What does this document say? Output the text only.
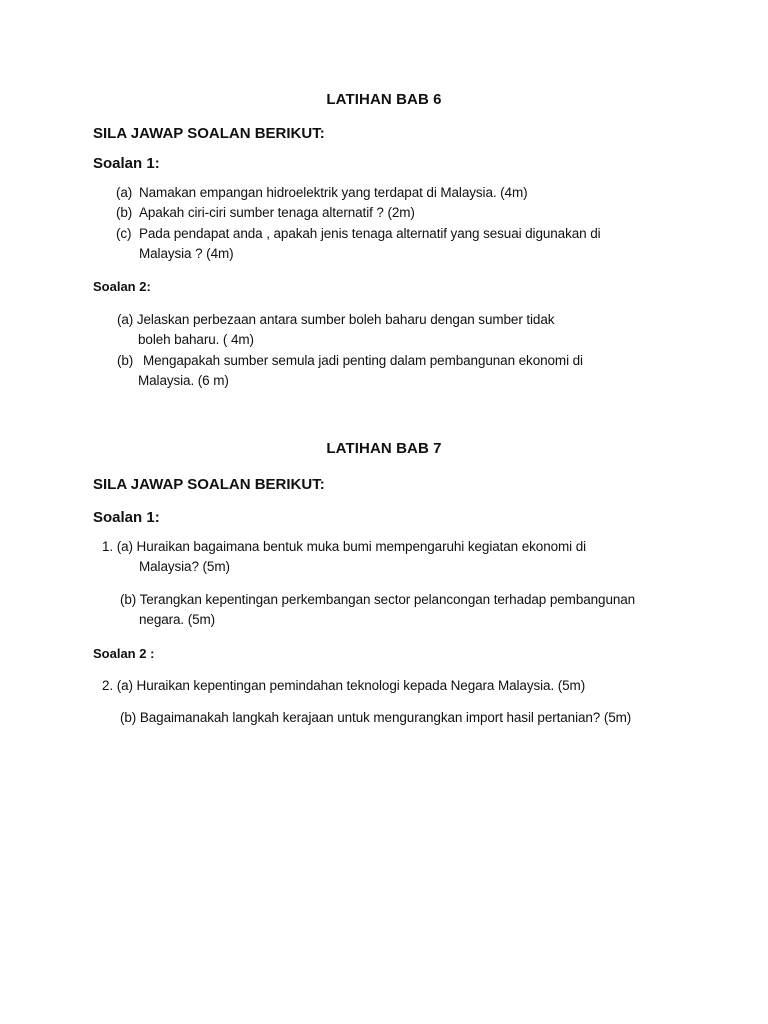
LATIHAN BAB 6
SILA JAWAP SOALAN BERIKUT:
Soalan 1:
(a) Namakan empangan hidroelektrik yang terdapat di Malaysia. (4m)
(b) Apakah ciri-ciri sumber tenaga alternatif ? (2m)
(c) Pada pendapat anda , apakah jenis tenaga alternatif yang sesuai digunakan di
Malaysia ? (4m)
Soalan 2:
(a) Jelaskan perbezaan antara sumber boleh baharu dengan sumber tidak
boleh baharu. ( 4m)
(b) Mengapakah sumber semula jadi penting dalam pembangunan ekonomi di
Malaysia. (6 m)
LATIHAN BAB 7
SILA JAWAP SOALAN BERIKUT:
Soalan 1:
1. (a) Huraikan bagaimana bentuk muka bumi mempengaruhi kegiatan ekonomi di
Malaysia? (5m)
(b) Terangkan kepentingan perkembangan sector pelancongan terhadap pembangunan
negara. (5m)
Soalan 2 :
2. (a) Huraikan kepentingan pemindahan teknologi kepada Negara Malaysia. (5m)
(b) Bagaimanakah langkah kerajaan untuk mengurangkan import hasil pertanian? (5m)
